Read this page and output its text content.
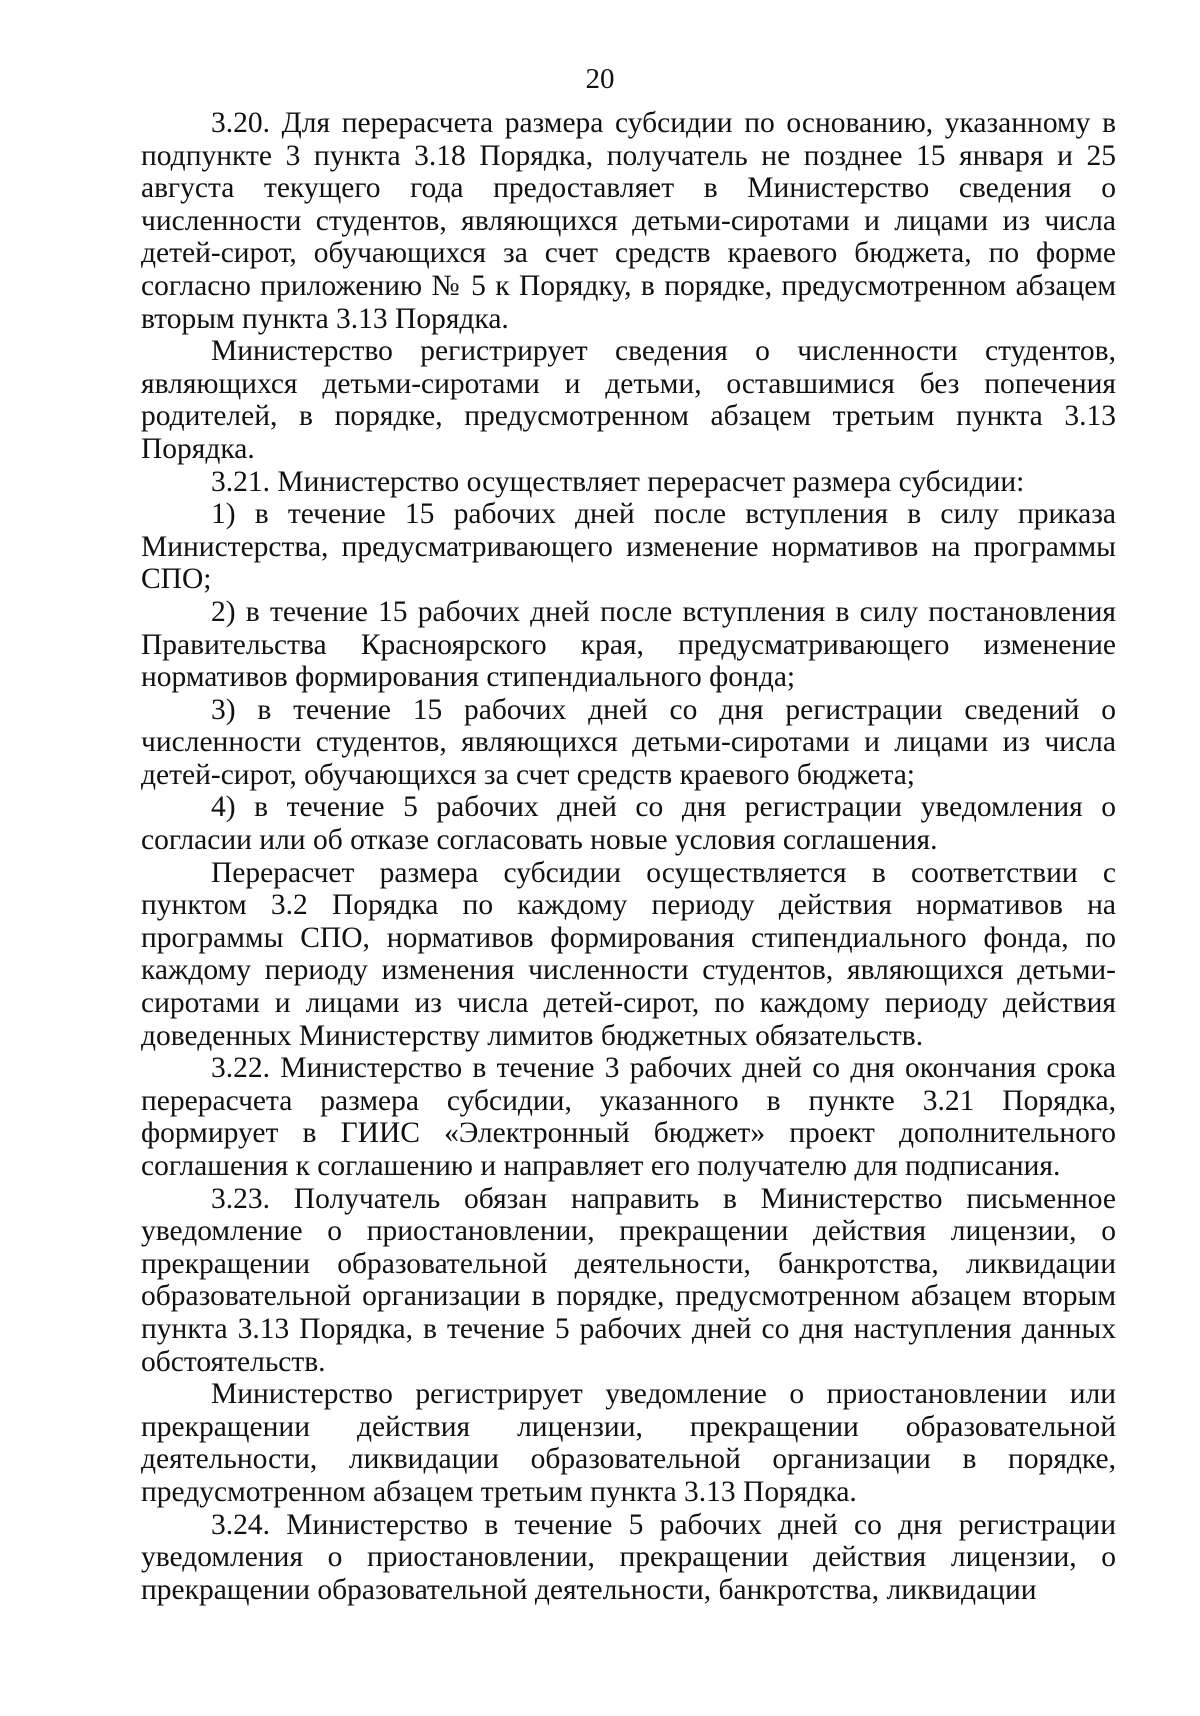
20

3.20. Для перерасчета размера субсидии по основанию, указанному в подпункте 3 пункта 3.18 Порядка, получатель не позднее 15 января и 25 августа текущего года предоставляет в Министерство сведения о численности студентов, являющихся детьми-сиротами и лицами из числа детей-сирот, обучающихся за счет средств краевого бюджета, по форме согласно приложению № 5 к Порядку, в порядке, предусмотренном абзацем вторым пункта 3.13 Порядка.

Министерство регистрирует сведения о численности студентов, являющихся детьми-сиротами и детьми, оставшимися без попечения родителей, в порядке, предусмотренном абзацем третьим пункта 3.13 Порядка.

3.21. Министерство осуществляет перерасчет размера субсидии:

1) в течение 15 рабочих дней после вступления в силу приказа Министерства, предусматривающего изменение нормативов на программы СПО;

2) в течение 15 рабочих дней после вступления в силу постановления Правительства Красноярского края, предусматривающего изменение нормативов формирования стипендиального фонда;

3) в течение 15 рабочих дней со дня регистрации сведений о численности студентов, являющихся детьми-сиротами и лицами из числа детей-сирот, обучающихся за счет средств краевого бюджета;

4) в течение 5 рабочих дней со дня регистрации уведомления о согласии или об отказе согласовать новые условия соглашения.

Перерасчет размера субсидии осуществляется в соответствии с пунктом 3.2 Порядка по каждому периоду действия нормативов на программы СПО, нормативов формирования стипендиального фонда, по каждому периоду изменения численности студентов, являющихся детьми-сиротами и лицами из числа детей-сирот, по каждому периоду действия доведенных Министерству лимитов бюджетных обязательств.

3.22. Министерство в течение 3 рабочих дней со дня окончания срока перерасчета размера субсидии, указанного в пункте 3.21 Порядка, формирует в ГИИС «Электронный бюджет» проект дополнительного соглашения к соглашению и направляет его получателю для подписания.

3.23. Получатель обязан направить в Министерство письменное уведомление о приостановлении, прекращении действия лицензии, о прекращении образовательной деятельности, банкротства, ликвидации образовательной организации в порядке, предусмотренном абзацем вторым пункта 3.13 Порядка, в течение 5 рабочих дней со дня наступления данных обстоятельств.

Министерство регистрирует уведомление о приостановлении или прекращении действия лицензии, прекращении образовательной деятельности, ликвидации образовательной организации в порядке, предусмотренном абзацем третьим пункта 3.13 Порядка.

3.24. Министерство в течение 5 рабочих дней со дня регистрации уведомления о приостановлении, прекращении действия лицензии, о прекращении образовательной деятельности, банкротства, ликвидации
